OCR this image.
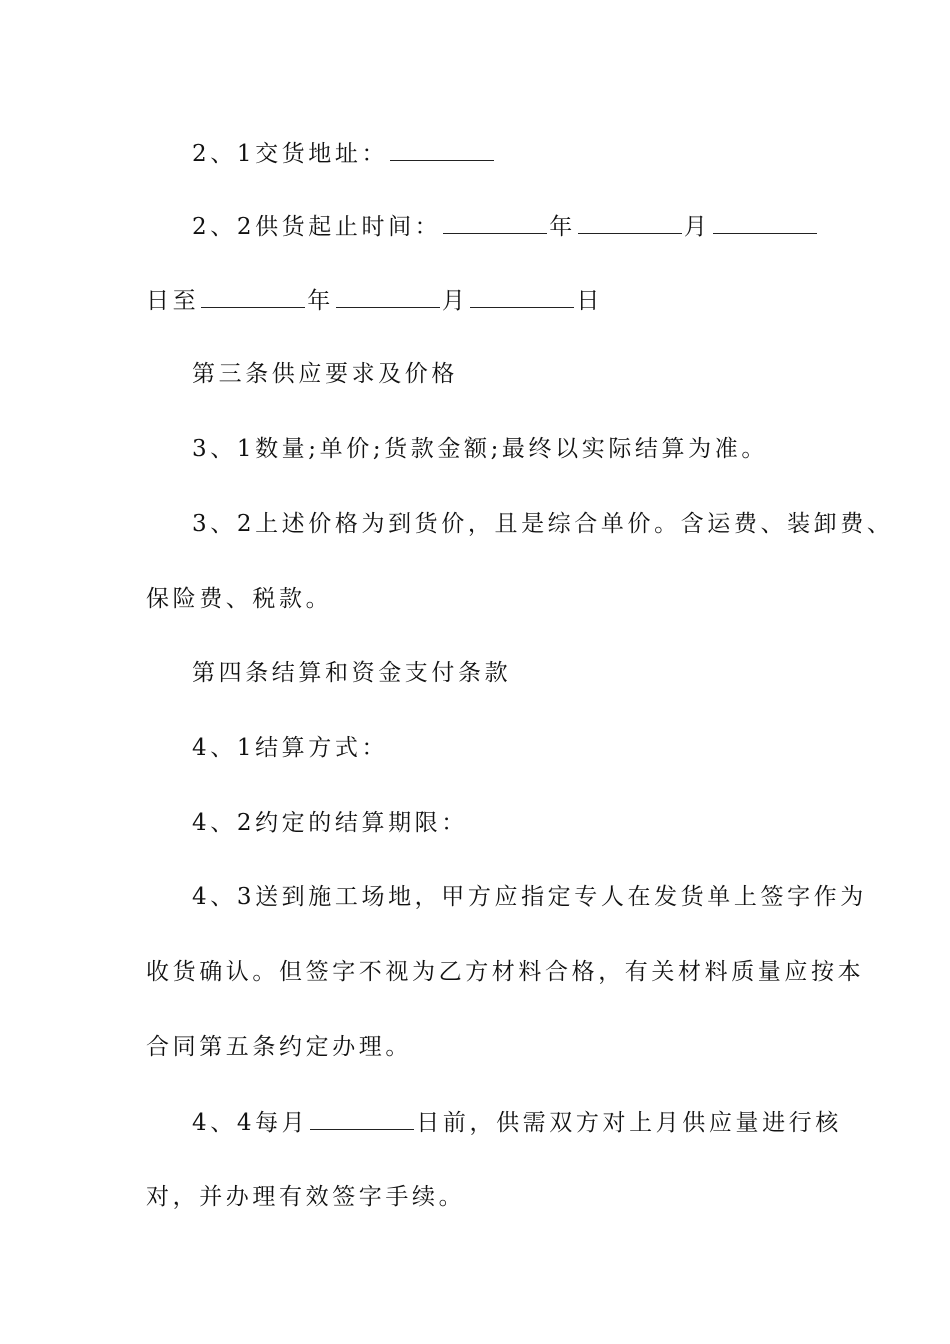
2、1交货地址：
2、2供货起止时间：	年	月
日至	年	月	日
第三条供应要求及价格
3、1数量;单价;货款金额;最终以实际结算为准。
3、2上述价格为到货价，且是综合单价。含运费、装卸费、
保险费、税款。
第四条结算和资金支付条款
4、1结算方式：
4、2约定的结算期限：
4、3送到施工场地，甲方应指定专人在发货单上签字作为
收货确认。但签字不视为乙方材料合格，有关材料质量应按本
合同第五条约定办理。
4、4每月	日前，供需双方对上月供应量进行核
对，并办理有效签字手续。
